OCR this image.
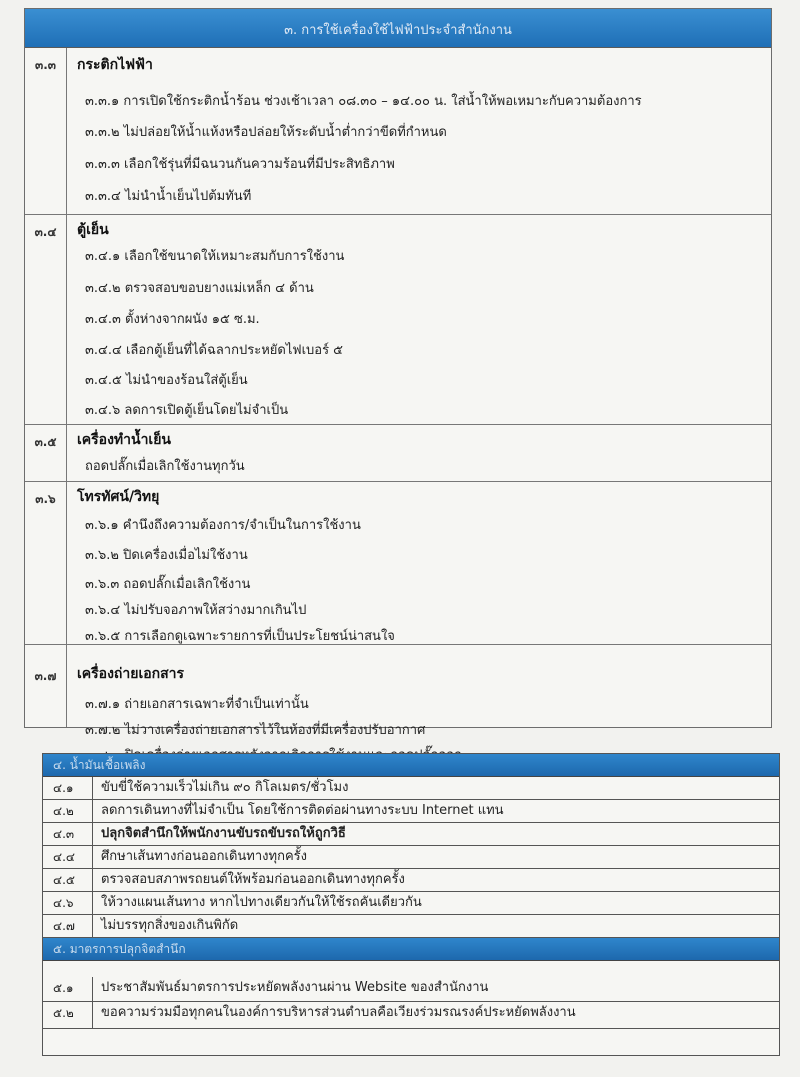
๓. การใช้เครื่องใช้ไฟฟ้าประจำสำนักงาน
๓.๓	กระติกไฟฟ้า
๓.๓.๑ การเปิดใช้กระติกน้ำร้อน ช่วงเช้าเวลา ๐๘.๓๐ – ๑๔.๐๐ น. ใส่น้ำให้พอเหมาะกับความต้องการ
๓.๓.๒ ไม่ปล่อยให้น้ำแห้งหรือปล่อยให้ระดับน้ำต่ำกว่าขีดที่กำหนด
๓.๓.๓ เลือกใช้รุ่นที่มีฉนวนกันความร้อนที่มีประสิทธิภาพ
๓.๓.๔ ไม่นำน้ำเย็นไปต้มทันที
๓.๔	ตู้เย็น
๓.๔.๑ เลือกใช้ขนาดให้เหมาะสมกับการใช้งาน
๓.๔.๒ ตรวจสอบขอบยางแม่เหล็ก ๔ ด้าน
๓.๔.๓ ตั้งห่างจากผนัง ๑๕ ซ.ม.
๓.๔.๔ เลือกตู้เย็นที่ได้ฉลากประหยัดไฟเบอร์ ๕
๓.๔.๕ ไม่นำของร้อนใส่ตู้เย็น
๓.๔.๖ ลดการเปิดตู้เย็นโดยไม่จำเป็น
๓.๕	เครื่องทำน้ำเย็น
ถอดปลั๊กเมื่อเลิกใช้งานทุกวัน
๓.๖	โทรทัศน์/วิทยุ
๓.๖.๑ คำนึงถึงความต้องการ/จำเป็นในการใช้งาน
๓.๖.๒ ปิดเครื่องเมื่อไม่ใช้งาน
๓.๖.๓ ถอดปลั๊กเมื่อเลิกใช้งาน
๓.๖.๔ ไม่ปรับจอภาพให้สว่างมากเกินไป
๓.๖.๕ การเลือกดูเฉพาะรายการที่เป็นประโยชน์น่าสนใจ
๓.๗	เครื่องถ่ายเอกสาร
๓.๗.๑ ถ่ายเอกสารเฉพาะที่จำเป็นเท่านั้น
๓.๗.๒ ไม่วางเครื่องถ่ายเอกสารไว้ในห้องที่มีเครื่องปรับอากาศ
๔. น้ำมันเชื้อเพลิง
๔.๑	ขับขี่ใช้ความเร็วไม่เกิน ๙๐ กิโลเมตร/ชั่วโมง
๔.๒	ลดการเดินทางที่ไม่จำเป็น โดยใช้การติดต่อผ่านทางระบบ Internet แทน
๔.๓	ปลุกจิตสำนึกให้พนักงานขับรถขับรถให้ถูกวิธี
๔.๔	ศึกษาเส้นทางก่อนออกเดินทางทุกครั้ง
๔.๕	ตรวจสอบสภาพรถยนต์ให้พร้อมก่อนออกเดินทางทุกครั้ง
๔.๖	ให้วางแผนเส้นทาง หากไปทางเดียวกันให้ใช้รถคันเดียวกัน
๔.๗	ไม่บรรทุกสิ่งของเกินพิกัด
๕. มาตรการปลุกจิตสำนึก
๕.๑	ประชาสัมพันธ์มาตรการประหยัดพลังงานผ่าน Website ของสำนักงาน
๕.๒	ขอความร่วมมือทุกคนในองค์การบริหารส่วนตำบลคือเวียงร่วมรณรงค์ประหยัดพลังงาน
